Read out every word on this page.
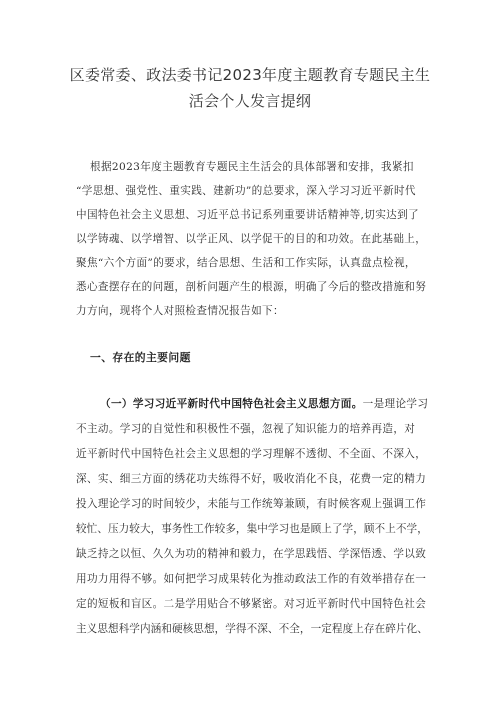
区委常委、政法委书记2023年度主题教育专题民主生
活会个人发言提纲
根据2023年度主题教育专题民主生活会的具体部署和安排，我紧扣
“学思想、强党性、重实践、建新功”的总要求，深入学习习近平新时代
中国特色社会主义思想、习近平总书记系列重要讲话精神等,切实达到了
以学铸魂、以学增智、以学正风、以学促干的目的和功效。在此基础上，
聚焦“六个方面”的要求，结合思想、生活和工作实际，认真盘点检视，
悉心查摆存在的问题，剖析问题产生的根源，明确了今后的整改措施和努
力方向，现将个人对照检查情况报告如下：
一、存在的主要问题
（一）学习习近平新时代中国特色社会主义思想方面。一是理论学习
不主动。学习的自觉性和积极性不强，忽视了知识能力的培养再造，对
近平新时代中国特色社会主义思想的学习理解不透彻、不全面、不深入，
深、实、细三方面的绣花功夫练得不好，吸收消化不良，花费一定的精力
投入理论学习的时间较少，未能与工作统筹兼顾，有时候客观上强调工作
较忙、压力较大，事务性工作较多，集中学习也是顾上了学，顾不上不学，
缺乏持之以恒、久久为功的精神和毅力，在学思践悟、学深悟透、学以致
用功力用得不够。如何把学习成果转化为推动政法工作的有效举措存在一
定的短板和盲区。二是学用贴合不够紧密。对习近平新时代中国特色社会
主义思想科学内涵和硬核思想，学得不深、不全，一定程度上存在碎片化、
